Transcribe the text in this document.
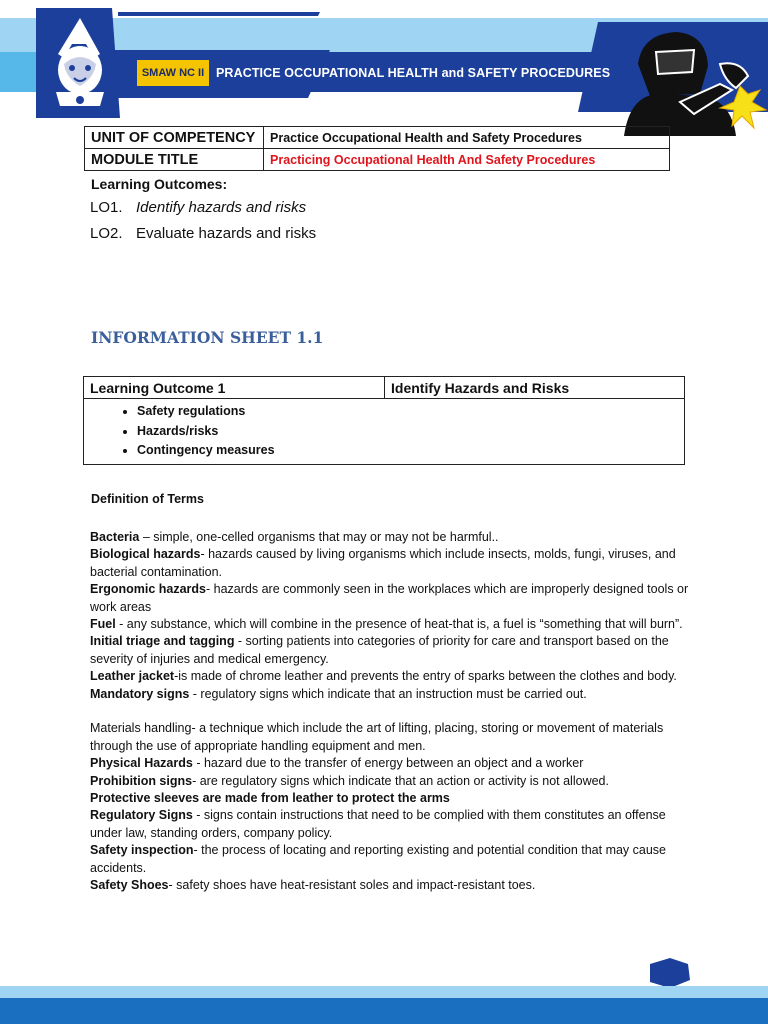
SMAW NC II PRACTICE OCCUPATIONAL HEALTH and SAFETY PROCEDURES
UNIT OF COMPETENCY	Practice Occupational Health and Safety Procedures
MODULE TITLE	Practicing Occupational Health And Safety Procedures
Learning Outcomes:
LO1. Identify hazards and risks
LO2. Evaluate hazards and risks
INFORMATION SHEET 1.1
Learning Outcome 1	Identify Hazards and Risks

• Safety regulations
• Hazards/risks
• Contingency measures
Definition of Terms

Bacteria – simple, one-celled organisms that may or may not be harmful..

Biological hazards- hazards caused by living organisms which include insects, molds, fungi, viruses, and bacterial contamination.

Ergonomic hazards- hazards are commonly seen in the workplaces which are improperly designed tools or work areas

Fuel - any substance, which will combine in the presence of heat-that is, a fuel is “something that will burn”.

Initial triage and tagging - sorting patients into categories of priority for care and transport based on the severity of injuries and medical emergency.

Leather jacket-is made of chrome leather and prevents the entry of sparks between the clothes and body.

Mandatory signs - regulatory signs which indicate that an instruction must be carried out.

Materials handling- a technique which include the art of lifting, placing, storing or movement of materials through the use of appropriate handling equipment and men.

Physical Hazards - hazard due to the transfer of energy between an object and a worker

Prohibition signs- are regulatory signs which indicate that an action or activity is not allowed.

Protective sleeves are made from leather to protect the arms

Regulatory Signs - signs contain instructions that need to be complied with them constitutes an offense under law, standing orders, company policy.

Safety inspection- the process of locating and reporting existing and potential condition that may cause accidents.

Safety Shoes- safety shoes have heat-resistant soles and impact-resistant toes.
